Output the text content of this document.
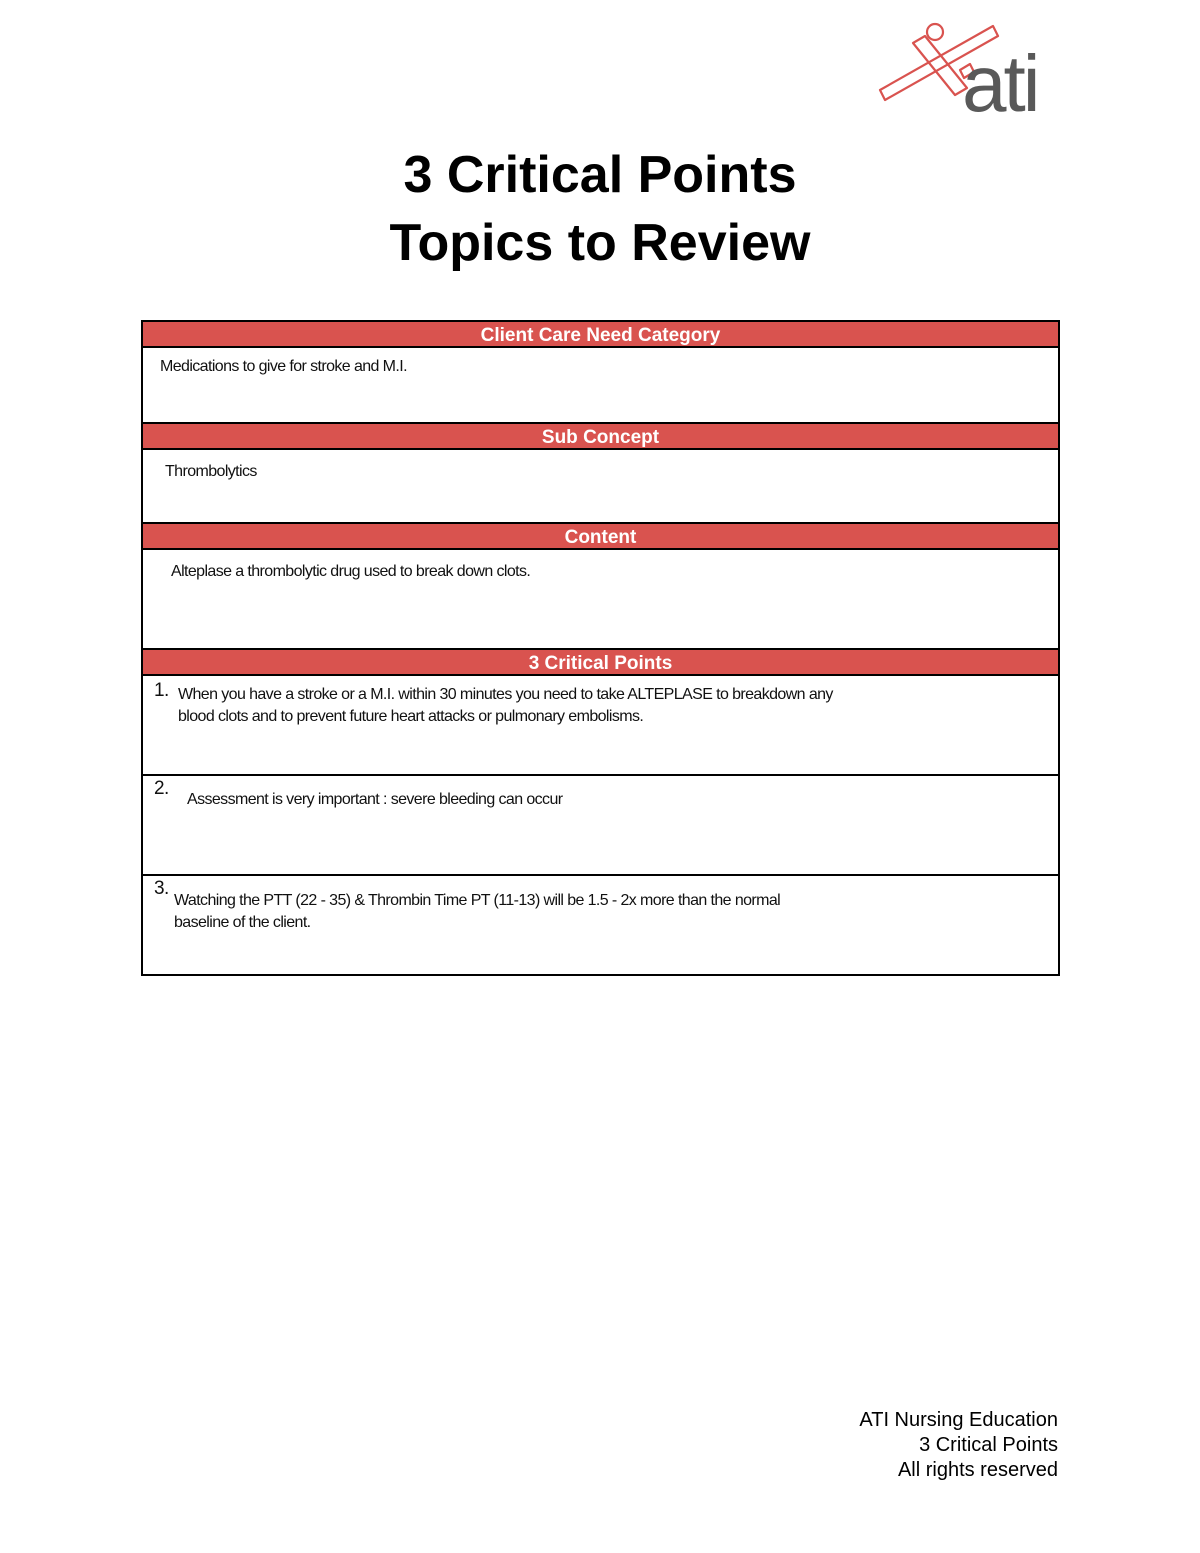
ati
3 Critical Points
Topics to Review
Client Care Need Category
Medications to give for stroke and M.I.
Sub Concept
Thrombolytics
Content
Alteplase a thrombolytic drug used to break down clots.
3 Critical Points
1. When you have a stroke or a M.I. within 30 minutes you need to take ALTEPLASE to breakdown any
blood clots and to prevent future heart attacks or pulmonary embolisms.
2.
Assessment is very important : severe bleeding can occur
3.
Watching the PTT (22 - 35) & Thrombin Time PT (11-13) will be 1.5 - 2x more than the normal
baseline of the client.
ATI Nursing Education
3 Critical Points
All rights reserved
